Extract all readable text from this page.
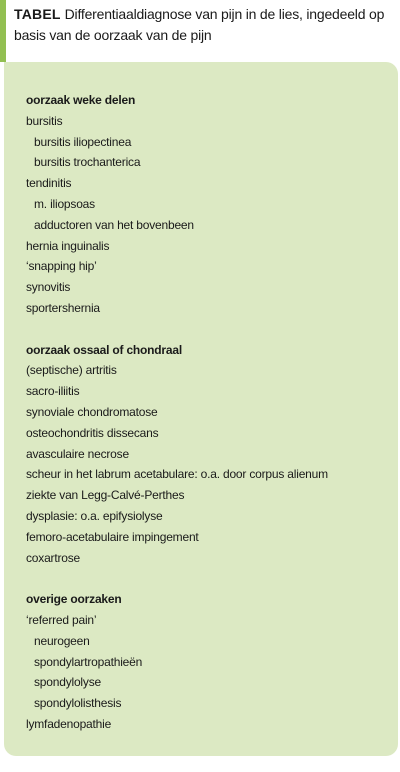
TABEL Differentiaaldiagnose van pijn in de lies, ingedeeld op basis van de oorzaak van de pijn
oorzaak weke delen
bursitis
bursitis iliopectinea
bursitis trochanterica
tendinitis
m. iliopsoas
adductoren van het bovenbeen
hernia inguinalis
‘snapping hip’
synovitis
sportershernia
oorzaak ossaal of chondraal
(septische) artritis
sacro-iliitis
synoviale chondromatose
osteochondritis dissecans
avasculaire necrose
scheur in het labrum acetabulare: o.a. door corpus alienum
ziekte van Legg-Calvé-Perthes
dysplasie: o.a. epifysiolyse
femoro-acetabulaire impingement
coxartrose
overige oorzaken
‘referred pain’
neurogeen
spondylartropathieën
spondylolyse
spondylolisthesis
lymfadenopathie
